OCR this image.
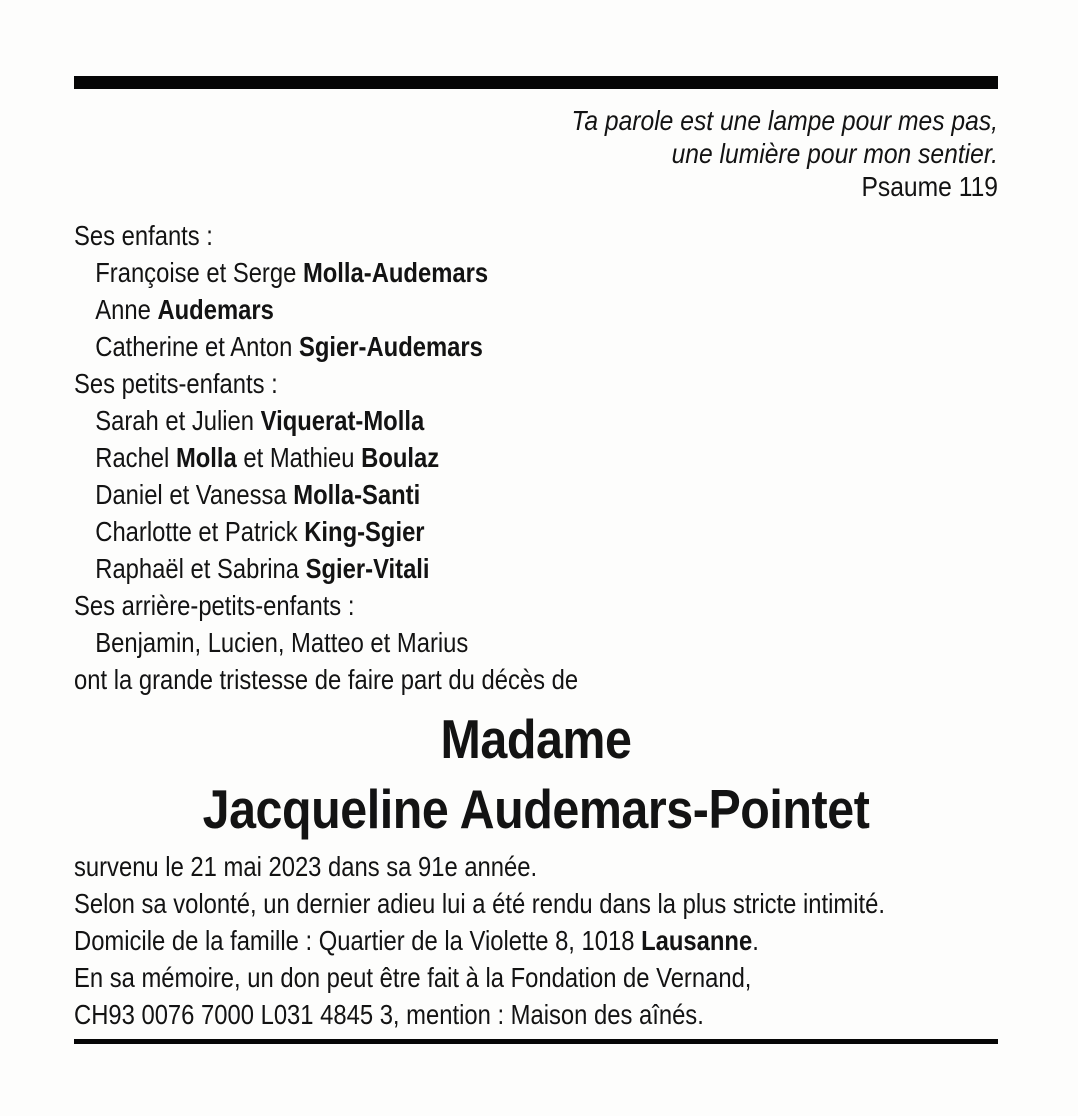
Ta parole est une lampe pour mes pas,
une lumière pour mon sentier.
Psaume 119
Ses enfants :
Françoise et Serge Molla-Audemars
Anne Audemars
Catherine et Anton Sgier-Audemars
Ses petits-enfants :
Sarah et Julien Viquerat-Molla
Rachel Molla et Mathieu Boulaz
Daniel et Vanessa Molla-Santi
Charlotte et Patrick King-Sgier
Raphaël et Sabrina Sgier-Vitali
Ses arrière-petits-enfants :
Benjamin, Lucien, Matteo et Marius
ont la grande tristesse de faire part du décès de
Madame
Jacqueline Audemars-Pointet
survenu le 21 mai 2023 dans sa 91e année.
Selon sa volonté, un dernier adieu lui a été rendu dans la plus stricte intimité.
Domicile de la famille : Quartier de la Violette 8, 1018 Lausanne.
En sa mémoire, un don peut être fait à la Fondation de Vernand,
CH93 0076 7000 L031 4845 3, mention : Maison des aînés.
